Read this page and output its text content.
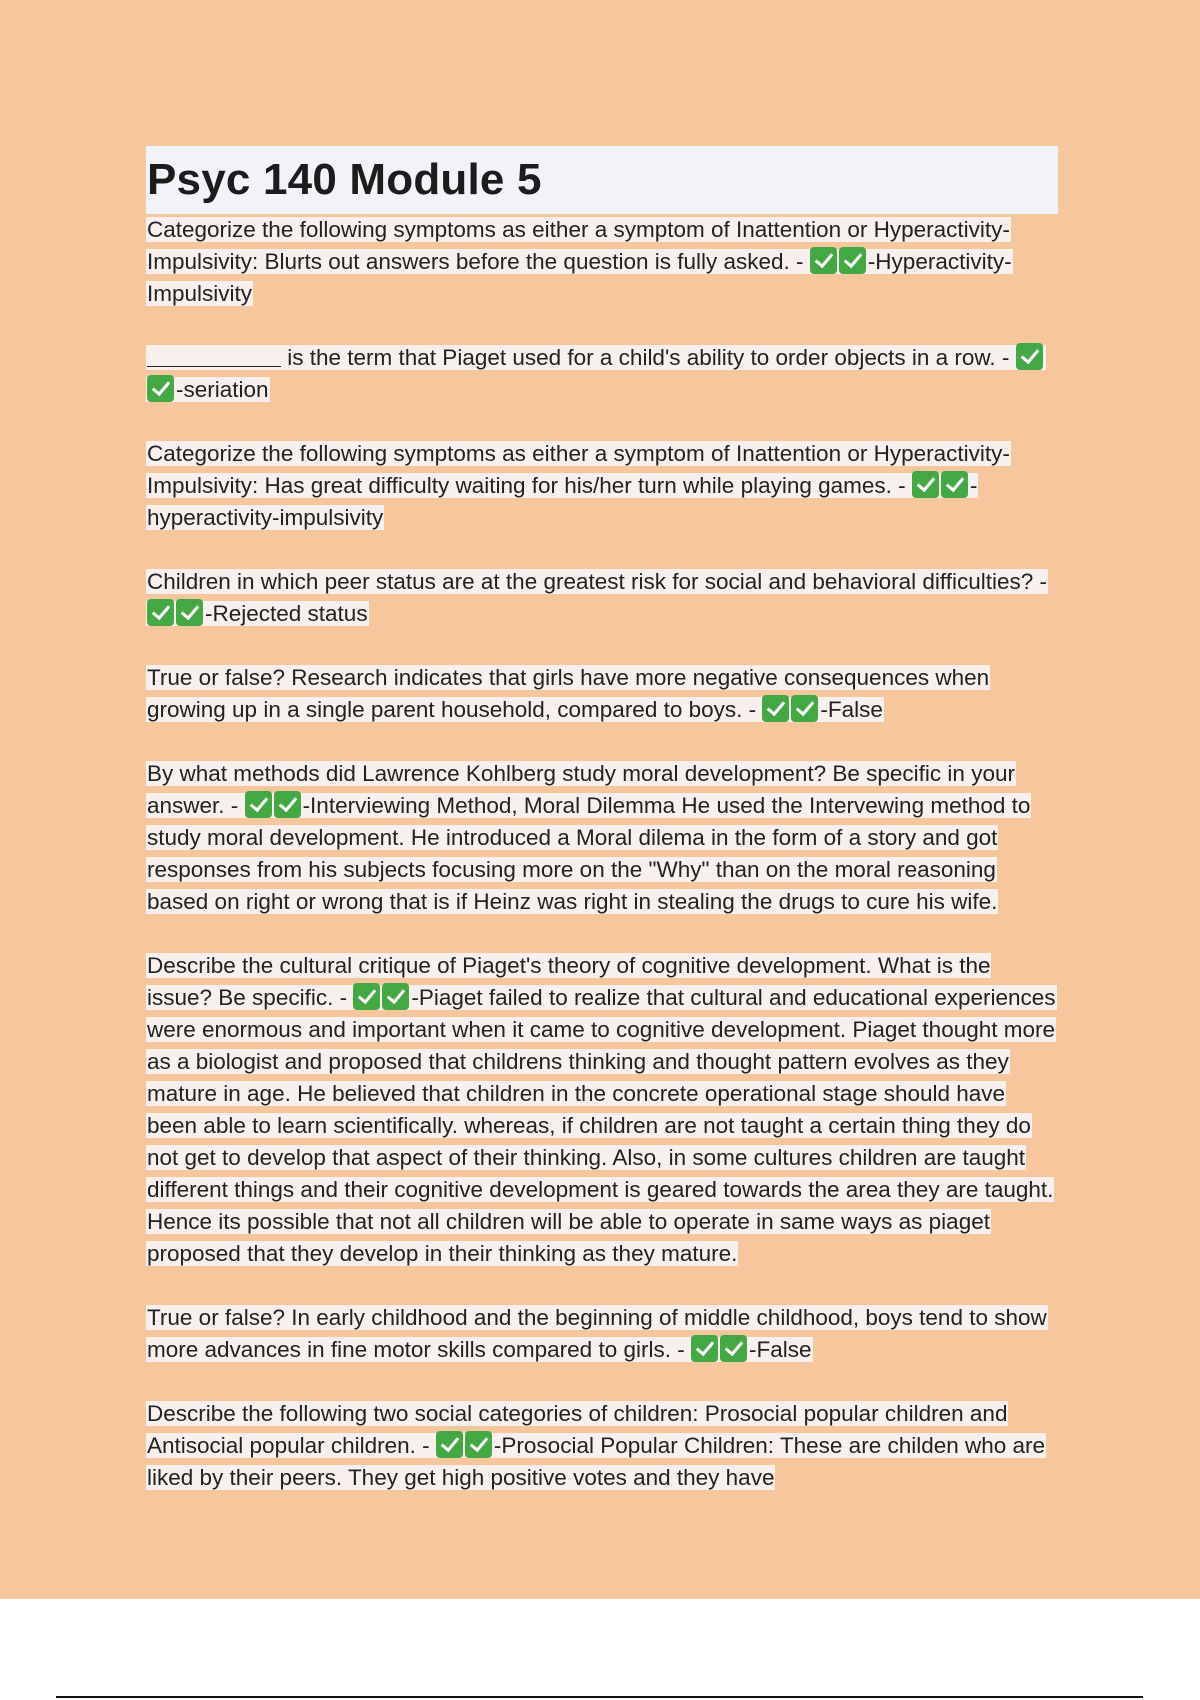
Psyc 140 Module 5

Categorize the following symptoms as either a symptom of Inattention or Hyperactivity-Impulsivity: Blurts out answers before the question is fully asked. -	-Hyperactivity-Impulsivity

is the term that Piaget used for a child's ability to order objects in a row. - -seriation

Categorize the following symptoms as either a symptom of Inattention or Hyperactivity-Impulsivity: Has great difficulty waiting for his/her turn while playing games. -	-hyperactivity-impulsivity

Children in which peer status are at the greatest risk for social and behavioral difficulties? - -Rejected status

True or false? Research indicates that girls have more negative consequences when growing up in a single parent household, compared to boys. -	-False

By what methods did Lawrence Kohlberg study moral development? Be specific in your answer. -	-Interviewing Method, Moral Dilemma He used the Intervewing method to study moral development. He introduced a Moral dilema in the form of a story and got responses from his subjects focusing more on the "Why" than on the moral reasoning based on right or wrong that is if Heinz was right in stealing the drugs to cure his wife.

Describe the cultural critique of Piaget's theory of cognitive development. What is the issue? Be specific. -	-Piaget failed to realize that cultural and educational experiences were enormous and important when it came to cognitive development. Piaget thought more as a biologist and proposed that childrens thinking and thought pattern evolves as they mature in age. He believed that children in the concrete operational stage should have been able to learn scientifically. whereas, if children are not taught a certain thing they do not get to develop that aspect of their thinking. Also, in some cultures children are taught different things and their cognitive development is geared towards the area they are taught. Hence its possible that not all children will be able to operate in same ways as piaget proposed that they develop in their thinking as they mature.

True or false? In early childhood and the beginning of middle childhood, boys tend to show more advances in fine motor skills compared to girls. -	-False

Describe the following two social categories of children: Prosocial popular children and Antisocial popular children. -	-Prosocial Popular Children: These are childen who are liked by their peers. They get high positive votes and they have
